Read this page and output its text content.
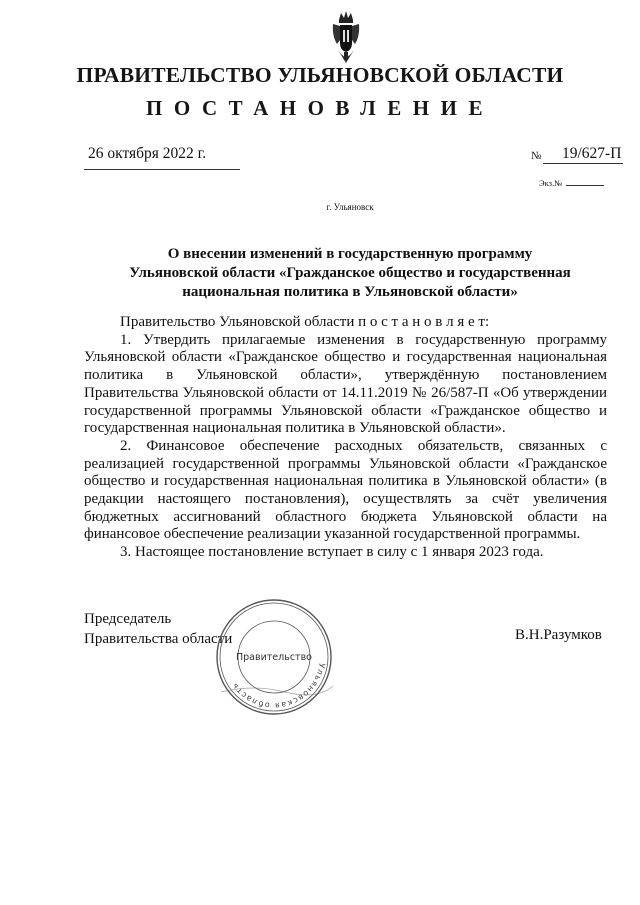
ПРАВИТЕЛЬСТВО УЛЬЯНОВСКОЙ ОБЛАСТИ
ПОСТАНОВЛЕНИЕ
26 октября 2022 г.	№ 19/627-П
Экз.№
г. Ульяновск
О внесении изменений в государственную программу
Ульяновской области «Гражданское общество и государственная
национальная политика в Ульяновской области»

Правительство Ульяновской области п о с т а н о в л я е т:

1. Утвердить прилагаемые изменения в государственную программу Ульяновской области «Гражданское общество и государственная национальная политика в Ульяновской области», утверждённую постановлением Правительства Ульяновской области от 14.11.2019 № 26/587-П «Об утверждении государственной программы Ульяновской области «Гражданское общество и государственная национальная политика в Ульяновской области».

2. Финансовое обеспечение расходных обязательств, связанных с реализацией государственной программы Ульяновской области «Гражданское общество и государственная национальная политика в Ульяновской области» (в редакции настоящего постановления), осуществлять за счёт увеличения бюджетных ассигнований областного бюджета Ульяновской области на финансовое обеспечение реализации указанной государственной программы.

3. Настоящее постановление вступает в силу с 1 января 2023 года.

Председатель
Правительства области	В.Н.Разумков
Ульяновская область
Правительство
